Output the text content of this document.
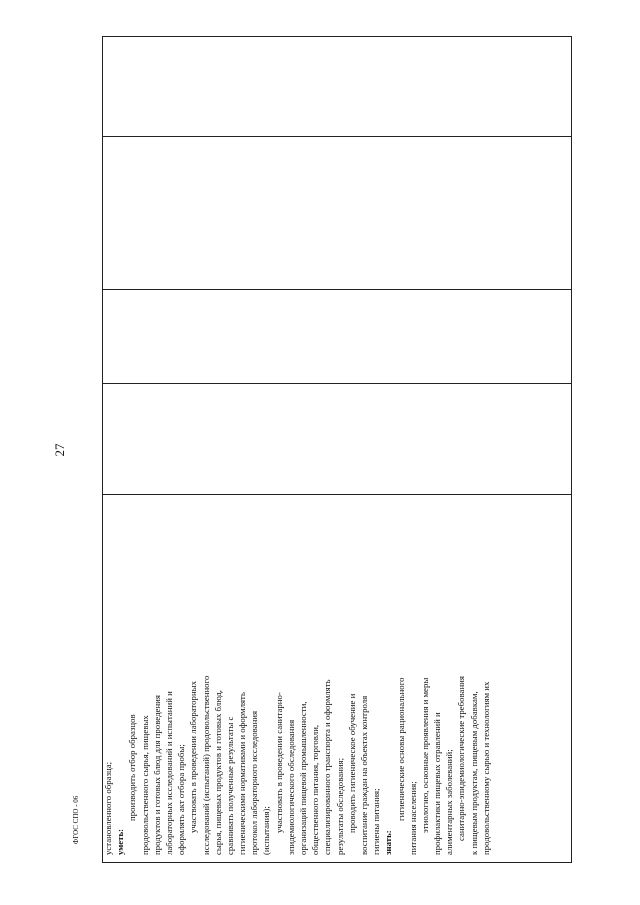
27
установленного образца; уметь:
производить отбор образцов продовольственного сырья, пищевых продуктов и готовых блюд для проведения лабораторных исследований и испытаний и оформлять акт отбора пробы; участвовать в проведении лабораторных исследований (испытаний) продовольственного сырья, пищевых продуктов и готовых блюд, сравнивать полученные результаты с гигиеническими нормативами и оформлять протокол лабораторного исследования (испытания); участвовать в проведении санитарно- эпидемиологического обследования организаций пищевой промышленности, общественного питания, торговли, специализированного транспорта и оформлять результаты обследования; проводить гигиеническое обучение и воспитание граждан на объектах контроля гигиены питания; знать:
гигиенические основы рационального питания населения; этиологию, основные проявления и меры профилактики пищевых отравлений и алиментарных заболеваний; санитарно-эпидемиологические требования к пищевым продуктам, пищевым добавкам, продовольственному сырью и технологиям их
ФГОС СПО - 06
